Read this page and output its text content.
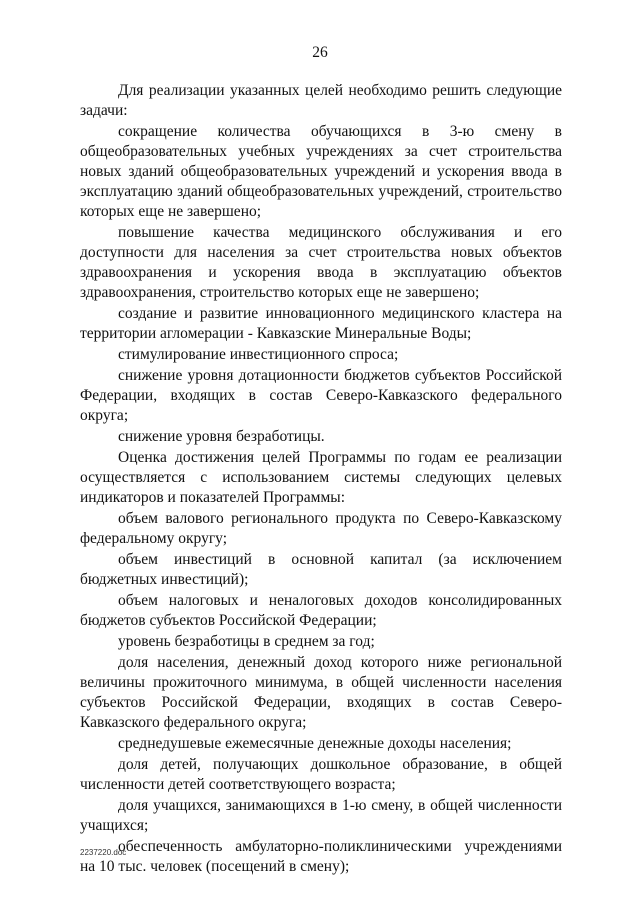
26

Для реализации указанных целей необходимо решить следующие задачи:

сокращение количества обучающихся в 3-ю смену в общеобразовательных учебных учреждениях за счет строительства новых зданий общеобразовательных учреждений и ускорения ввода в эксплуатацию зданий общеобразовательных учреждений, строительство которых еще не завершено;

повышение качества медицинского обслуживания и его доступности для населения за счет строительства новых объектов здравоохранения и ускорения ввода в эксплуатацию объектов здравоохранения, строительство которых еще не завершено;

создание и развитие инновационного медицинского кластера на территории агломерации - Кавказские Минеральные Воды;

стимулирование инвестиционного спроса;

снижение уровня дотационности бюджетов субъектов Российской Федерации, входящих в состав Северо-Кавказского федерального округа;

снижение уровня безработицы.

Оценка достижения целей Программы по годам ее реализации осуществляется с использованием системы следующих целевых индикаторов и показателей Программы:

объем валового регионального продукта по Северо-Кавказскому федеральному округу;

объем инвестиций в основной капитал (за исключением бюджетных инвестиций);

объем налоговых и неналоговых доходов консолидированных бюджетов субъектов Российской Федерации;

уровень безработицы в среднем за год;

доля населения, денежный доход которого ниже региональной величины прожиточного минимума, в общей численности населения субъектов Российской Федерации, входящих в состав Северо-Кавказского федерального округа;

среднедушевые ежемесячные денежные доходы населения;

доля детей, получающих дошкольное образование, в общей численности детей соответствующего возраста;

доля учащихся, занимающихся в 1-ю смену, в общей численности учащихся;

обеспеченность амбулаторно-поликлиническими учреждениями на 10 тыс. человек (посещений в смену);

2237220.doc
